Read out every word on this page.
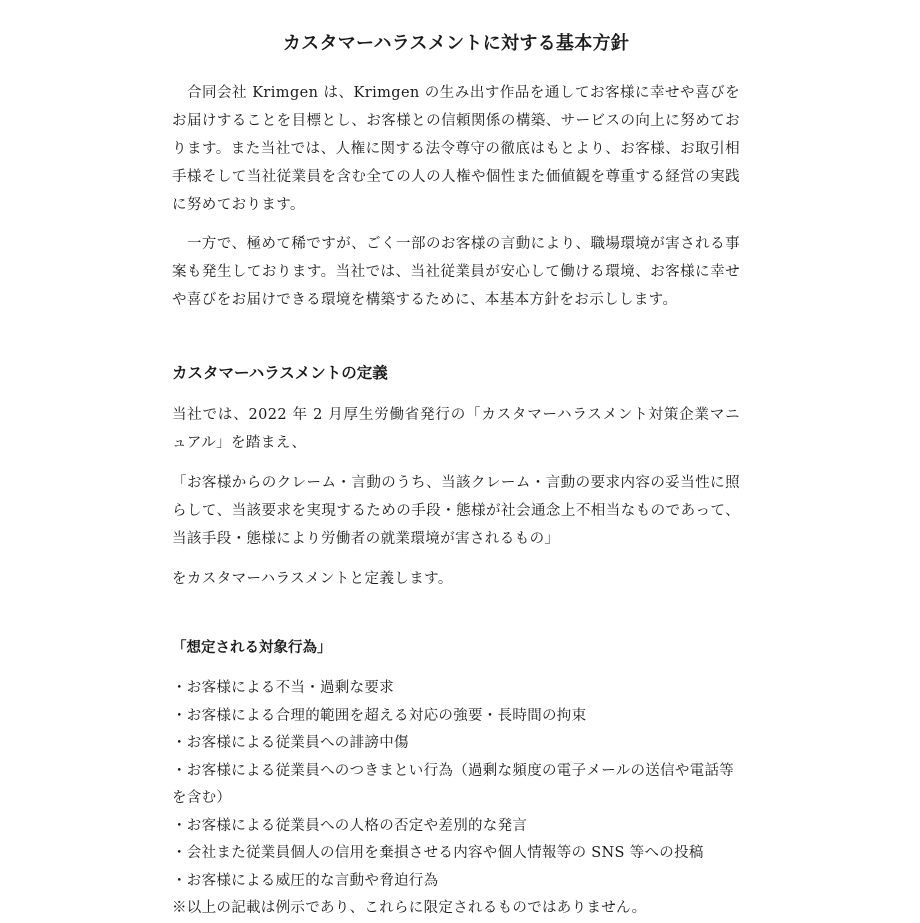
カスタマーハラスメントに対する基本方針

　合同会社 Krimgen は、Krimgen の生み出す作品を通してお客様に幸せや喜びをお届けすることを目標とし、お客様との信頼関係の構築、サービスの向上に努めております。また当社では、人権に関する法令尊守の徹底はもとより、お客様、お取引相手様そして当社従業員を含む全ての人の人権や個性また価値観を尊重する経営の実践に努めております。

　一方で、極めて稀ですが、ごく一部のお客様の言動により、職場環境が害される事案も発生しております。当社では、当社従業員が安心して働ける環境、お客様に幸せや喜びをお届けできる環境を構築するために、本基本方針をお示しします。

カスタマーハラスメントの定義

当社では、2022 年 2 月厚生労働省発行の「カスタマーハラスメント対策企業マニュアル」を踏まえ、

「お客様からのクレーム・言動のうち、当該クレーム・言動の要求内容の妥当性に照らして、当該要求を実現するための手段・態様が社会通念上不相当なものであって、当該手段・態様により労働者の就業環境が害されるもの」

をカスタマーハラスメントと定義します。

「想定される対象行為」
・お客様による不当・過剰な要求
・お客様による合理的範囲を超える対応の強要・長時間の拘束
・お客様による従業員への誹謗中傷
・お客様による従業員へのつきまとい行為（過剰な頻度の電子メールの送信や電話等を含む）
・お客様による従業員への人格の否定や差別的な発言
・会社また従業員個人の信用を棄損させる内容や個人情報等の SNS 等への投稿
・お客様による威圧的な言動や脅迫行為

※以上の記載は例示であり、これらに限定されるものではありません。
